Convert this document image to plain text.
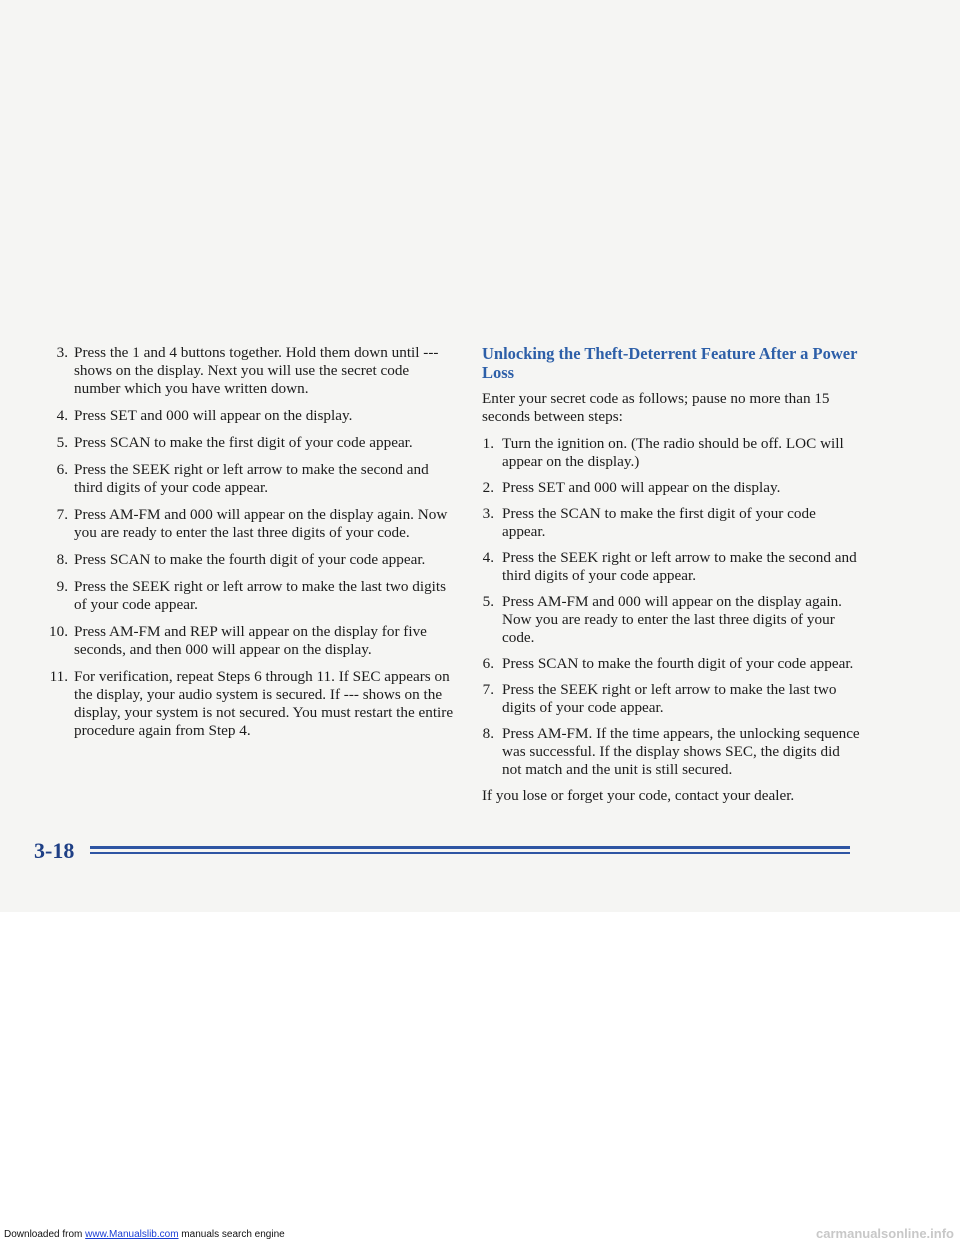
3. Press the 1 and 4 buttons together. Hold them down until --- shows on the display. Next you will use the secret code number which you have written down.
4. Press SET and 000 will appear on the display.
5. Press SCAN to make the first digit of your code appear.
6. Press the SEEK right or left arrow to make the second and third digits of your code appear.
7. Press AM-FM and 000 will appear on the display again. Now you are ready to enter the last three digits of your code.
8. Press SCAN to make the fourth digit of your code appear.
9. Press the SEEK right or left arrow to make the last two digits of your code appear.
10. Press AM-FM and REP will appear on the display for five seconds, and then 000 will appear on the display.
11. For verification, repeat Steps 6 through 11. If SEC appears on the display, your audio system is secured. If --- shows on the display, your system is not secured. You must restart the entire procedure again from Step 4.
Unlocking the Theft-Deterrent Feature After a Power Loss

Enter your secret code as follows; pause no more than 15 seconds between steps:

1. Turn the ignition on. (The radio should be off. LOC will appear on the display.)
2. Press SET and 000 will appear on the display.
3. Press the SCAN to make the first digit of your code appear.
4. Press the SEEK right or left arrow to make the second and third digits of your code appear.
5. Press AM-FM and 000 will appear on the display again. Now you are ready to enter the last three digits of your code.
6. Press SCAN to make the fourth digit of your code appear.
7. Press the SEEK right or left arrow to make the last two digits of your code appear.
8. Press AM-FM. If the time appears, the unlocking sequence was successful. If the display shows SEC, the digits did not match and the unit is still secured.

If you lose or forget your code, contact your dealer.

3-18
Downloaded from www.Manualslib.com manuals search engine	carmanualsonline.info
